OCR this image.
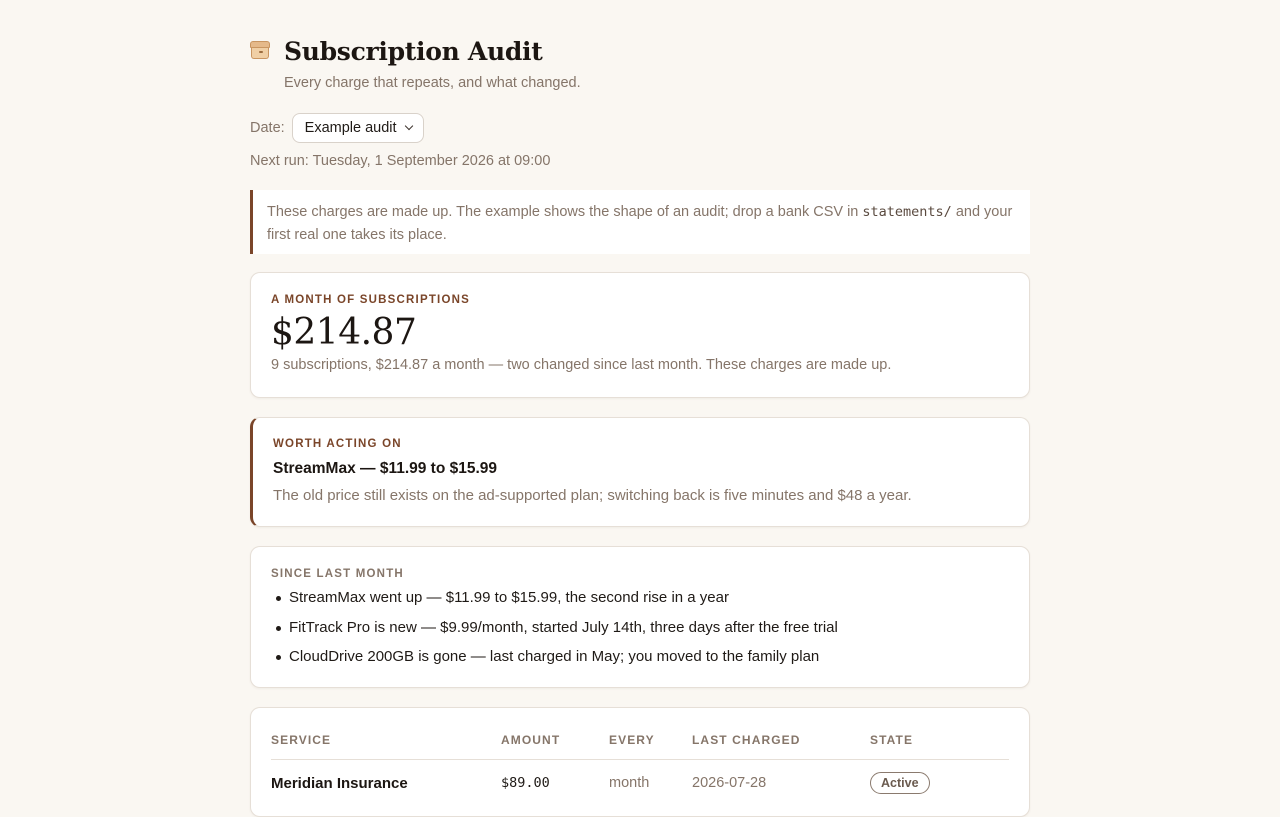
Subscription Audit
Every charge that repeats, and what changed.
Date: Example audit
Next run: Tuesday, 1 September 2026 at 09:00
These charges are made up. The example shows the shape of an audit; drop a bank CSV in statements/ and your first real one takes its place.
A MONTH OF SUBSCRIPTIONS
$214.87
9 subscriptions, $214.87 a month — two changed since last month. These charges are made up.
WORTH ACTING ON
StreamMax — $11.99 to $15.99
The old price still exists on the ad-supported plan; switching back is five minutes and $48 a year.
SINCE LAST MONTH
StreamMax went up — $11.99 to $15.99, the second rise in a year
FitTrack Pro is new — $9.99/month, started July 14th, three days after the free trial
CloudDrive 200GB is gone — last charged in May; you moved to the family plan
SERVICE	AMOUNT	EVERY	LAST CHARGED	STATE
Meridian Insurance	$89.00	month	2026-07-28	Active
